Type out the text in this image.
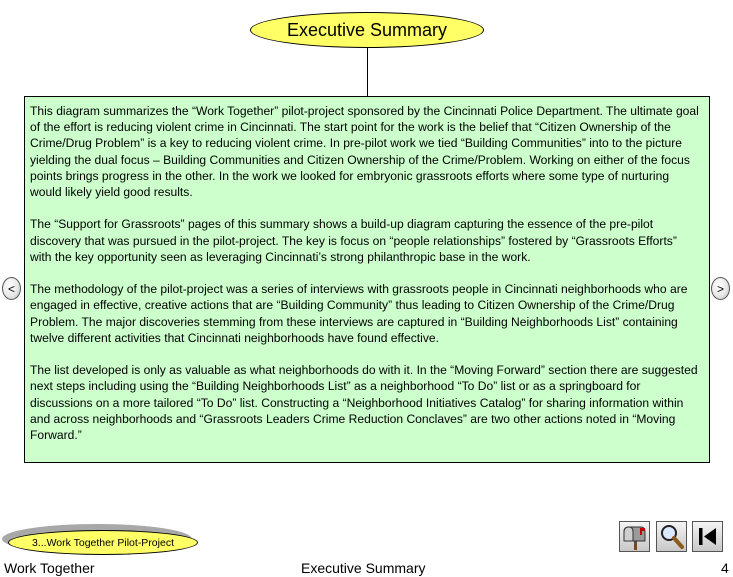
Executive Summary

This diagram summarizes the “Work Together” pilot-project sponsored by the Cincinnati Police Department. The ultimate goal of the effort is reducing violent crime in Cincinnati. The start point for the work is the belief that “Citizen Ownership of the Crime/Drug Problem” is a key to reducing violent crime. In pre-pilot work we tied “Building Communities” into to the picture yielding the dual focus – Building Communities and Citizen Ownership of the Crime/Problem. Working on either of the focus points brings progress in the other. In the work we looked for embryonic grassroots efforts where some type of nurturing would likely yield good results.

The “Support for Grassroots” pages of this summary shows a build-up diagram capturing the essence of the pre-pilot discovery that was pursued in the pilot-project. The key is focus on “people relationships” fostered by “Grassroots Efforts” with the key opportunity seen as leveraging Cincinnati’s strong philanthropic base in the work.

The methodology of the pilot-project was a series of interviews with grassroots people in Cincinnati neighborhoods who are engaged in effective, creative actions that are “Building Community” thus leading to Citizen Ownership of the Crime/Drug Problem. The major discoveries stemming from these interviews are captured in “Building Neighborhoods List” containing twelve different activities that Cincinnati neighborhoods have found effective.

The list developed is only as valuable as what neighborhoods do with it. In the “Moving Forward” section there are suggested next steps including using the “Building Neighborhoods List” as a neighborhood “To Do” list or as a springboard for discussions on a more tailored “To Do” list. Constructing a “Neighborhood Initiatives Catalog” for sharing information within and across neighborhoods and “Grassroots Leaders Crime Reduction Conclaves” are two other actions noted in “Moving Forward.”

<	>
3...Work Together Pilot-Project
Work Together	Executive Summary	4
